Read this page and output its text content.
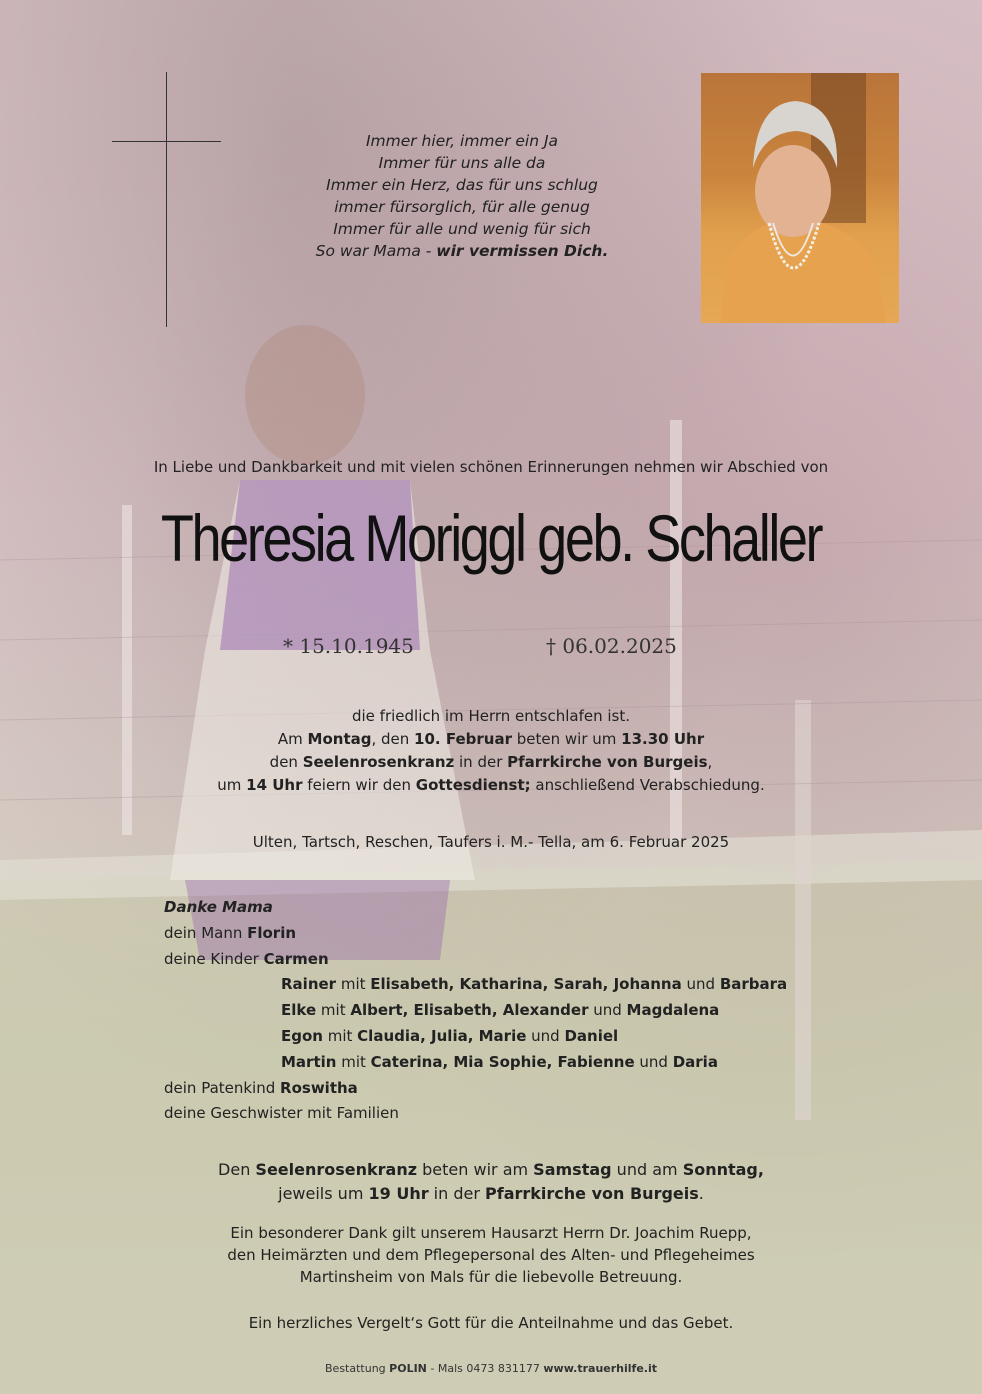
Immer hier, immer ein Ja
Immer für uns alle da
Immer ein Herz, das für uns schlug
immer fürsorglich, für alle genug
Immer für alle und wenig für sich
So war Mama - wir vermissen Dich.
In Liebe und Dankbarkeit und mit vielen schönen Erinnerungen nehmen wir Abschied von
Theresia Moriggl geb. Schaller
* 15.10.1945	† 06.02.2025
die friedlich im Herrn entschlafen ist.
Am Montag, den 10. Februar beten wir um 13.30 Uhr
den Seelenrosenkranz in der Pfarrkirche von Burgeis,
um 14 Uhr feiern wir den Gottesdienst; anschließend Verabschiedung.
Ulten, Tartsch, Reschen, Taufers i. M.- Tella, am 6. Februar 2025
Danke Mama
dein Mann Florin
deine Kinder Carmen
Rainer mit Elisabeth, Katharina, Sarah, Johanna und Barbara
Elke mit Albert, Elisabeth, Alexander und Magdalena
Egon mit Claudia, Julia, Marie und Daniel
Martin mit Caterina, Mia Sophie, Fabienne und Daria
dein Patenkind Roswitha
deine Geschwister mit Familien
Den Seelenrosenkranz beten wir am Samstag und am Sonntag,
jeweils um 19 Uhr in der Pfarrkirche von Burgeis.
Ein besonderer Dank gilt unserem Hausarzt Herrn Dr. Joachim Ruepp,
den Heimärzten und dem Pflegepersonal des Alten- und Pflegeheimes
Martinsheim von Mals für die liebevolle Betreuung.
Ein herzliches Vergelt‘s Gott für die Anteilnahme und das Gebet.
Bestattung POLIN - Mals 0473 831177 www.trauerhilfe.it
